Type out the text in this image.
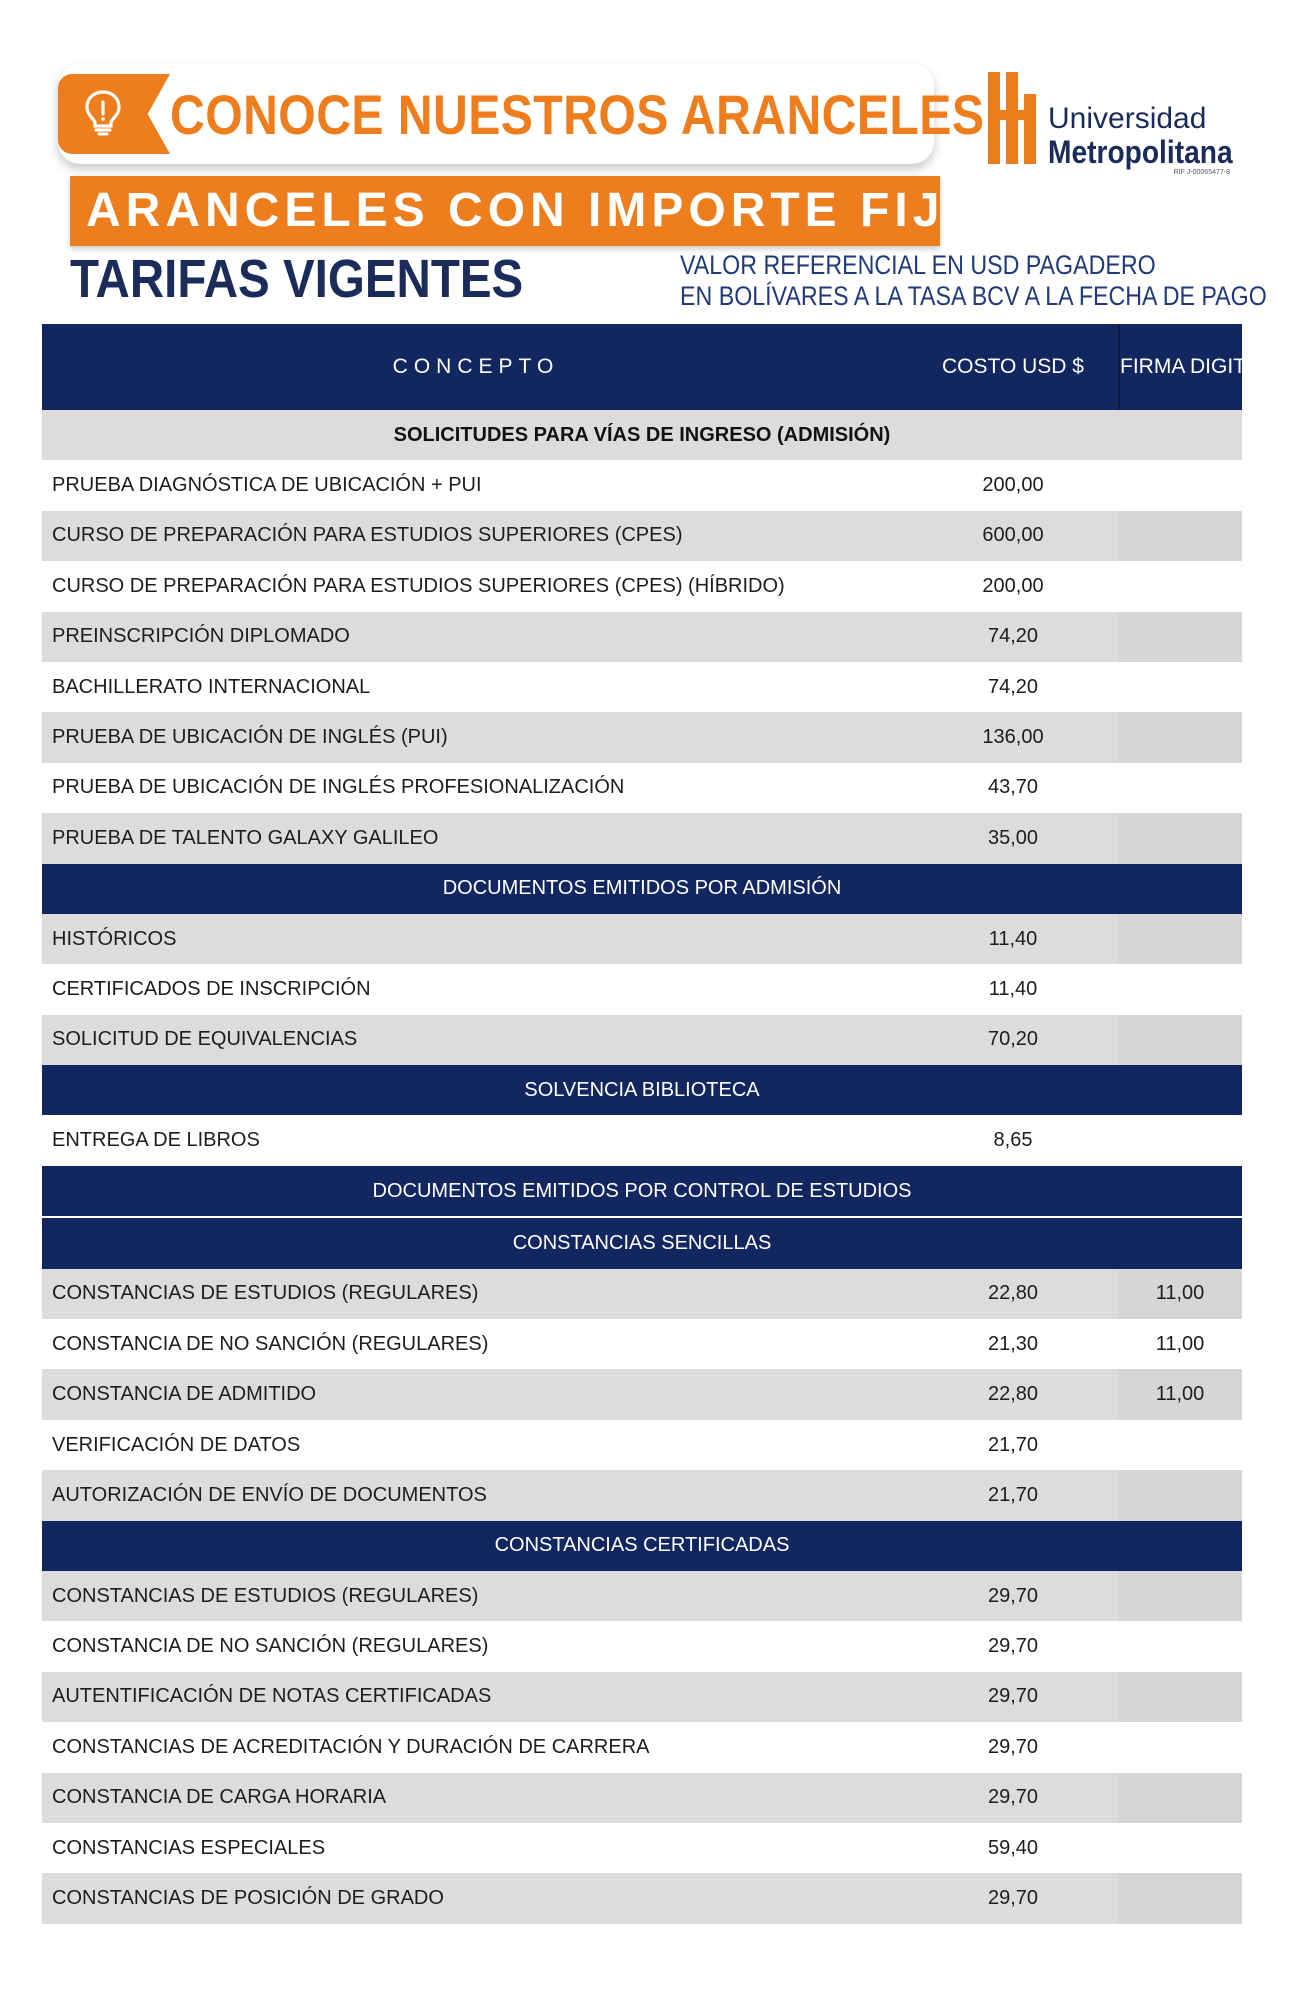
CONOCE NUESTROS ARANCELES Universidad
Metropolitana
RIF J-00065477-8
ARANCELES CON IMPORTE FIJO
TARIFAS VIGENTES	VALOR REFERENCIAL EN USD PAGADERO
EN BOLÍVARES A LA TASA BCV A LA FECHA DE PAGO
CONCEPTO	COSTO USD $	FIRMA DIGITAL
SOLICITUDES PARA VÍAS DE INGRESO (ADMISIÓN)
PRUEBA DIAGNÓSTICA DE UBICACIÓN + PUI	200,00
CURSO DE PREPARACIÓN PARA ESTUDIOS SUPERIORES (CPES)	600,00
CURSO DE PREPARACIÓN PARA ESTUDIOS SUPERIORES (CPES) (HÍBRIDO)	200,00
PREINSCRIPCIÓN DIPLOMADO	74,20
BACHILLERATO INTERNACIONAL	74,20
PRUEBA DE UBICACIÓN DE INGLÉS (PUI)	136,00
PRUEBA DE UBICACIÓN DE INGLÉS PROFESIONALIZACIÓN	43,70
PRUEBA DE TALENTO GALAXY GALILEO	35,00
DOCUMENTOS EMITIDOS POR ADMISIÓN
HISTÓRICOS	11,40
CERTIFICADOS DE INSCRIPCIÓN	11,40
SOLICITUD DE EQUIVALENCIAS	70,20
SOLVENCIA BIBLIOTECA
ENTREGA DE LIBROS	8,65
DOCUMENTOS EMITIDOS POR CONTROL DE ESTUDIOS
CONSTANCIAS SENCILLAS
CONSTANCIAS DE ESTUDIOS (REGULARES)	22,80	11,00
CONSTANCIA DE NO SANCIÓN (REGULARES)	21,30	11,00
CONSTANCIA DE ADMITIDO	22,80	11,00
VERIFICACIÓN DE DATOS	21,70
AUTORIZACIÓN DE ENVÍO DE DOCUMENTOS	21,70
CONSTANCIAS CERTIFICADAS
CONSTANCIAS DE ESTUDIOS (REGULARES)	29,70
CONSTANCIA DE NO SANCIÓN (REGULARES)	29,70
AUTENTIFICACIÓN DE NOTAS CERTIFICADAS	29,70
CONSTANCIAS DE ACREDITACIÓN Y DURACIÓN DE CARRERA	29,70
CONSTANCIA DE CARGA HORARIA	29,70
CONSTANCIAS ESPECIALES	59,40
CONSTANCIAS DE POSICIÓN DE GRADO	29,70
